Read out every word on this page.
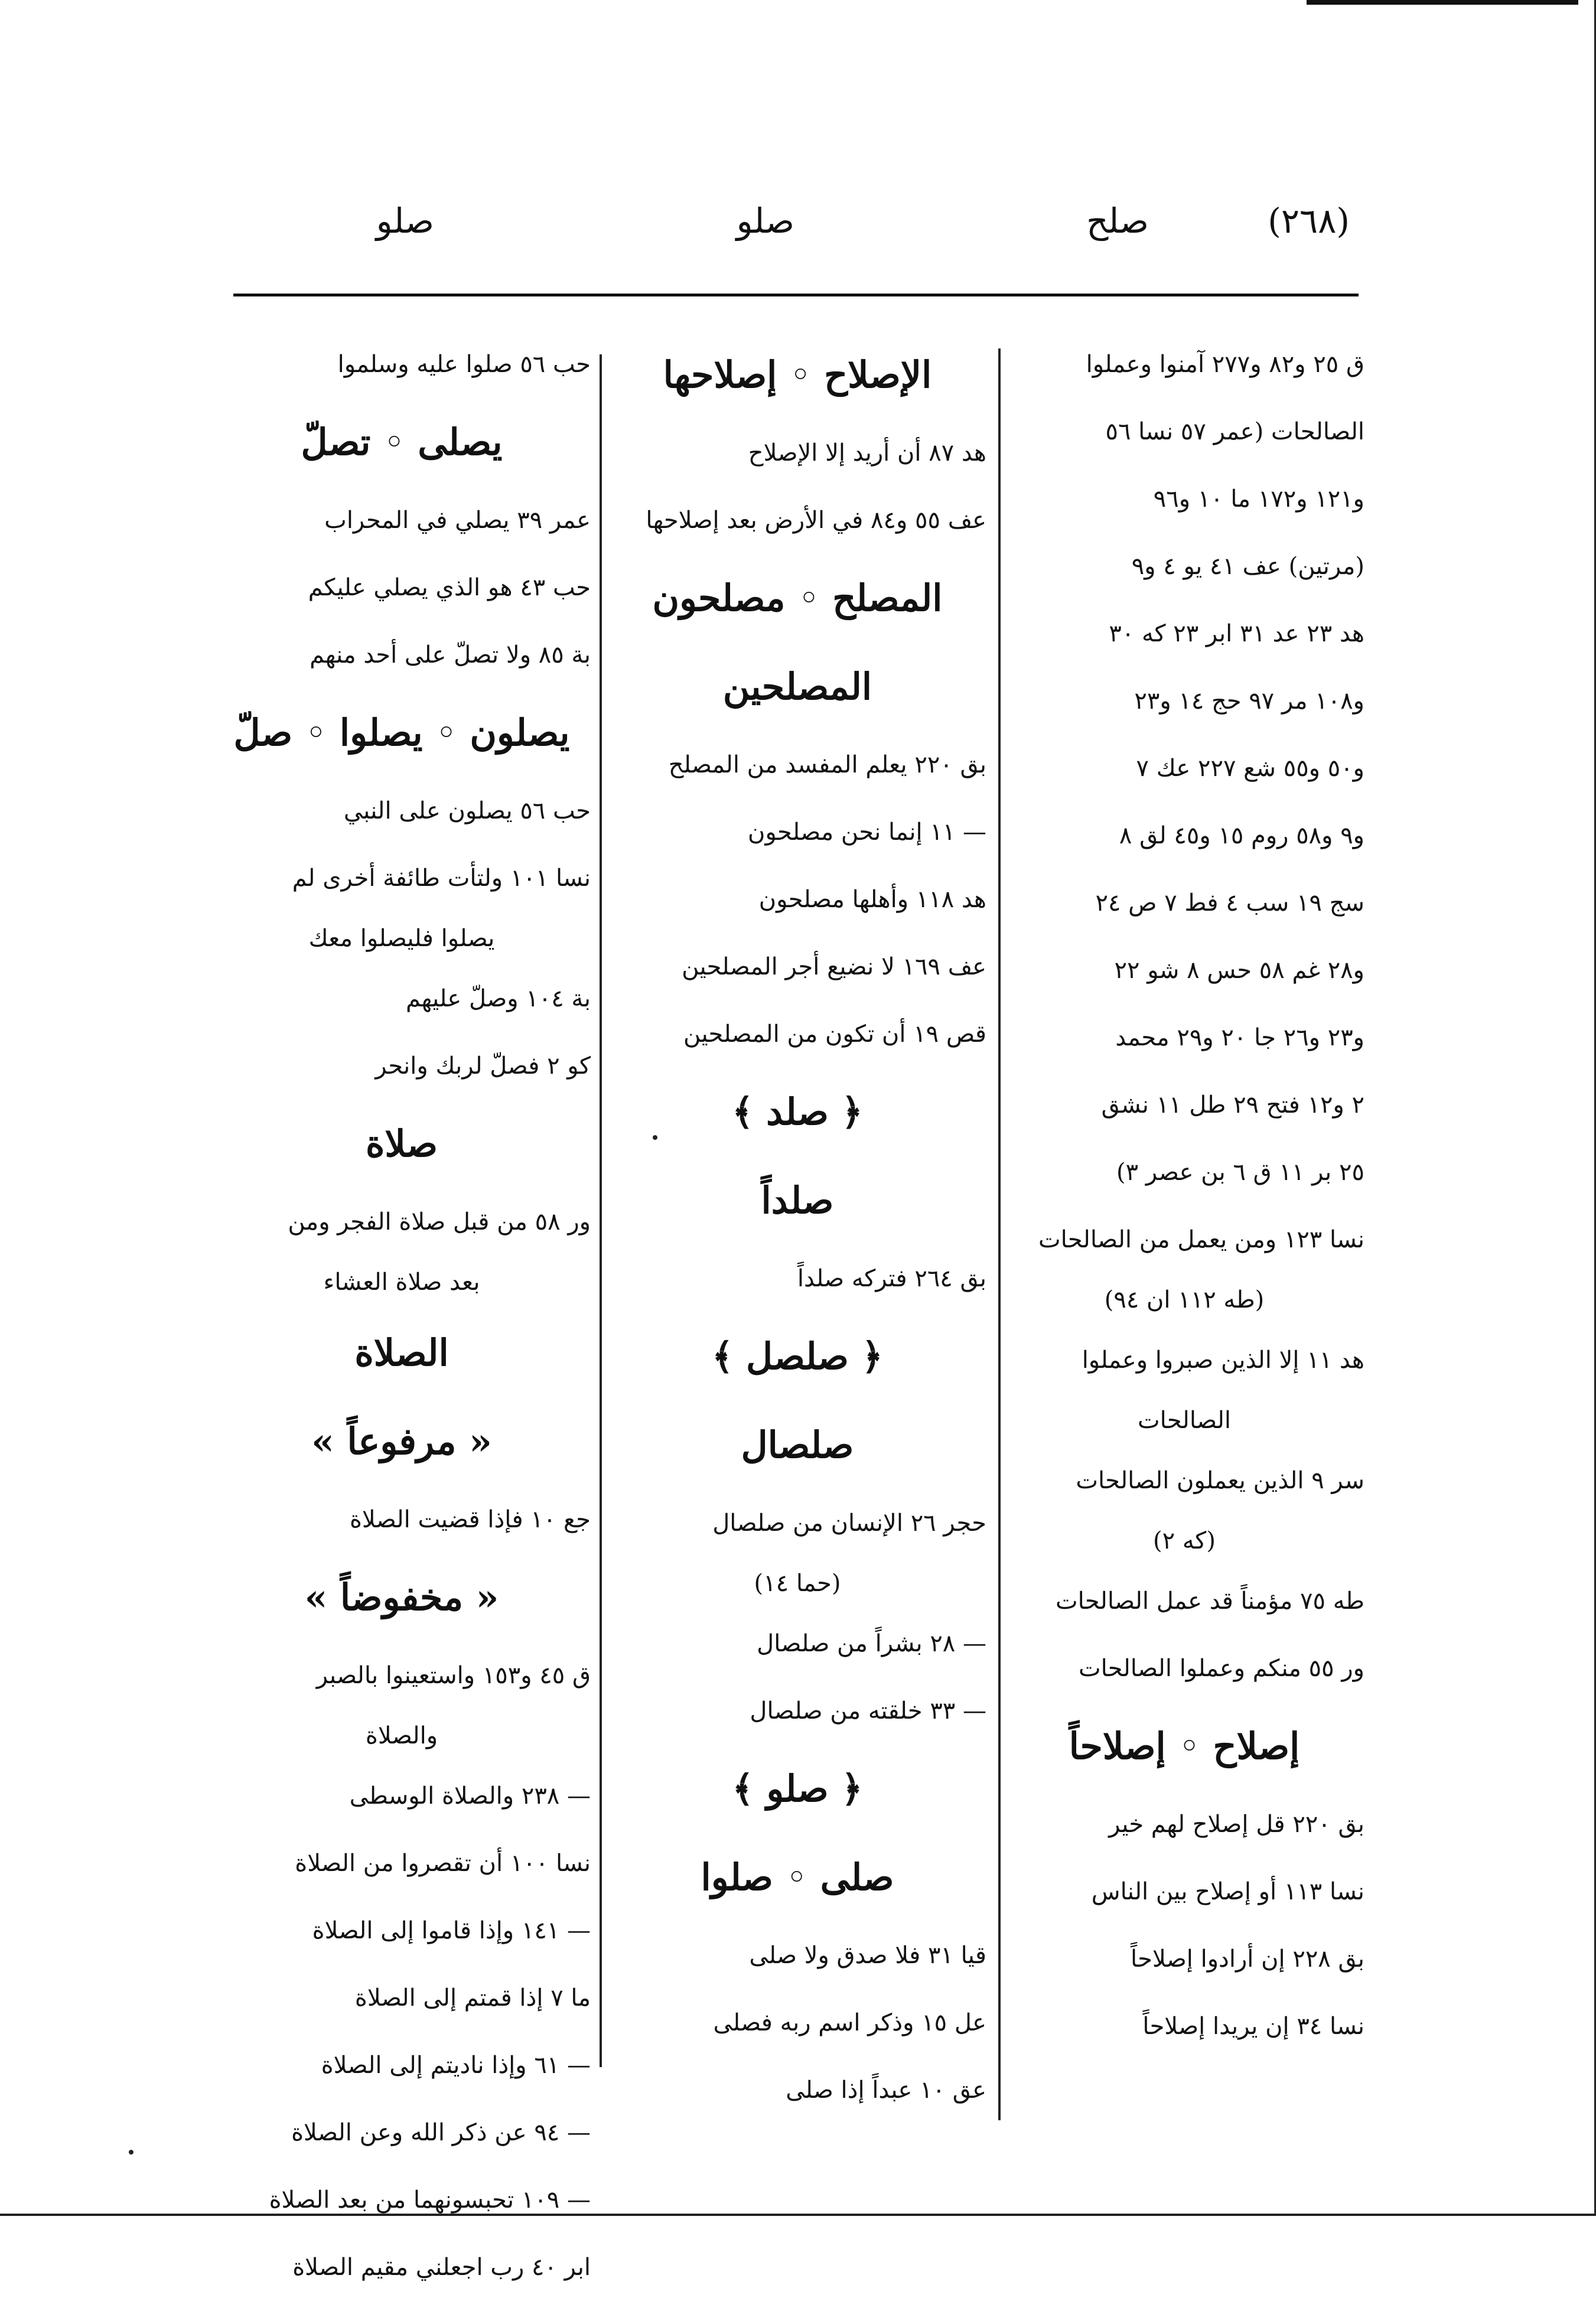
(٢٦٨)
صلح
صلو
صلو
ق ٢٥ و٨٢ و٢٧٧ آمنوا وعملوا
الصالحات (عمر ٥٧ نسا ٥٦
و١٢١ و١٧٢ ما ١٠ و٩٦
(مرتين) عف ٤١ يو ٤ و٩
هد ٢٣ عد ٣١ ابر ٢٣ كه ٣٠
و١٠٨ مر ٩٧ حج ١٤ و٢٣
و٥٠ و٥٥ شع ٢٢٧ عك ٧
و٩ و٥٨ روم ١٥ و٤٥ لق ٨
سج ١٩ سب ٤ فط ٧ ص ٢٤
و٢٨ غم ٥٨ حس ٨ شو ٢٢
و٢٣ و٢٦ جا ٢٠ و٢٩ محمد
٢ و١٢ فتح ٢٩ طل ١١ نشق
٢٥ بر ١١ ق ٦ بن عصر ٣)
نسا ١٢٣ ومن يعمل من الصالحات
(طه ١١٢ ان ٩٤)
هد ١١ إلا الذين صبروا وعملوا
الصالحات
سر ٩ الذين يعملون الصالحات
(كه ٢)
طه ٧٥ مؤمناً قد عمل الصالحات
ور ٥٥ منكم وعملوا الصالحات
إصلاح ◦ إصلاحاً
بق ٢٢٠ قل إصلاح لهم خير
نسا ١١٣ أو إصلاح بين الناس
بق ٢٢٨ إن أرادوا إصلاحاً
نسا ٣٤ إن يريدا إصلاحاً
الإصلاح ◦ إصلاحها
هد ٨٧ أن أريد إلا الإصلاح
عف ٥٥ و٨٤ في الأرض بعد إصلاحها
المصلح ◦ مصلحون
المصلحين
بق ٢٢٠ يعلم المفسد من المصلح
— ١١ إنما نحن مصلحون
هد ١١٨ وأهلها مصلحون
عف ١٦٩ لا نضيع أجر المصلحين
قص ١٩ أن تكون من المصلحين
﴿ صلد ﴾
صلداً
بق ٢٦٤ فتركه صلداً
﴿ صلصل ﴾
صلصال
حجر ٢٦ الإنسان من صلصال
(حما ١٤)
— ٢٨ بشراً من صلصال
— ٣٣ خلقته من صلصال
﴿ صلو ﴾
صلى ◦ صلوا
قيا ٣١ فلا صدق ولا صلى
عل ١٥ وذكر اسم ربه فصلى
عق ١٠ عبداً إذا صلى
حب ٥٦ صلوا عليه وسلموا
يصلى ◦ تصلّ
عمر ٣٩ يصلي في المحراب
حب ٤٣ هو الذي يصلي عليكم
بة ٨٥ ولا تصلّ على أحد منهم
يصلون ◦ يصلوا ◦ صلّ
حب ٥٦ يصلون على النبي
نسا ١٠١ ولتأت طائفة أخرى لم
يصلوا فليصلوا معك
بة ١٠٤ وصلّ عليهم
كو ٢ فصلّ لربك وانحر
صلاة
ور ٥٨ من قبل صلاة الفجر ومن
بعد صلاة العشاء
الصلاة
« مرفوعاً »
جع ١٠ فإذا قضيت الصلاة
« مخفوضاً »
ق ٤٥ و١٥٣ واستعينوا بالصبر
والصلاة
— ٢٣٨ والصلاة الوسطى
نسا ١٠٠ أن تقصروا من الصلاة
— ١٤١ وإذا قاموا إلى الصلاة
ما ٧ إذا قمتم إلى الصلاة
— ٦١ وإذا ناديتم إلى الصلاة
— ٩٤ عن ذكر الله وعن الصلاة
— ١٠٩ تحبسونهما من بعد الصلاة
ابر ٤٠ رب اجعلني مقيم الصلاة
